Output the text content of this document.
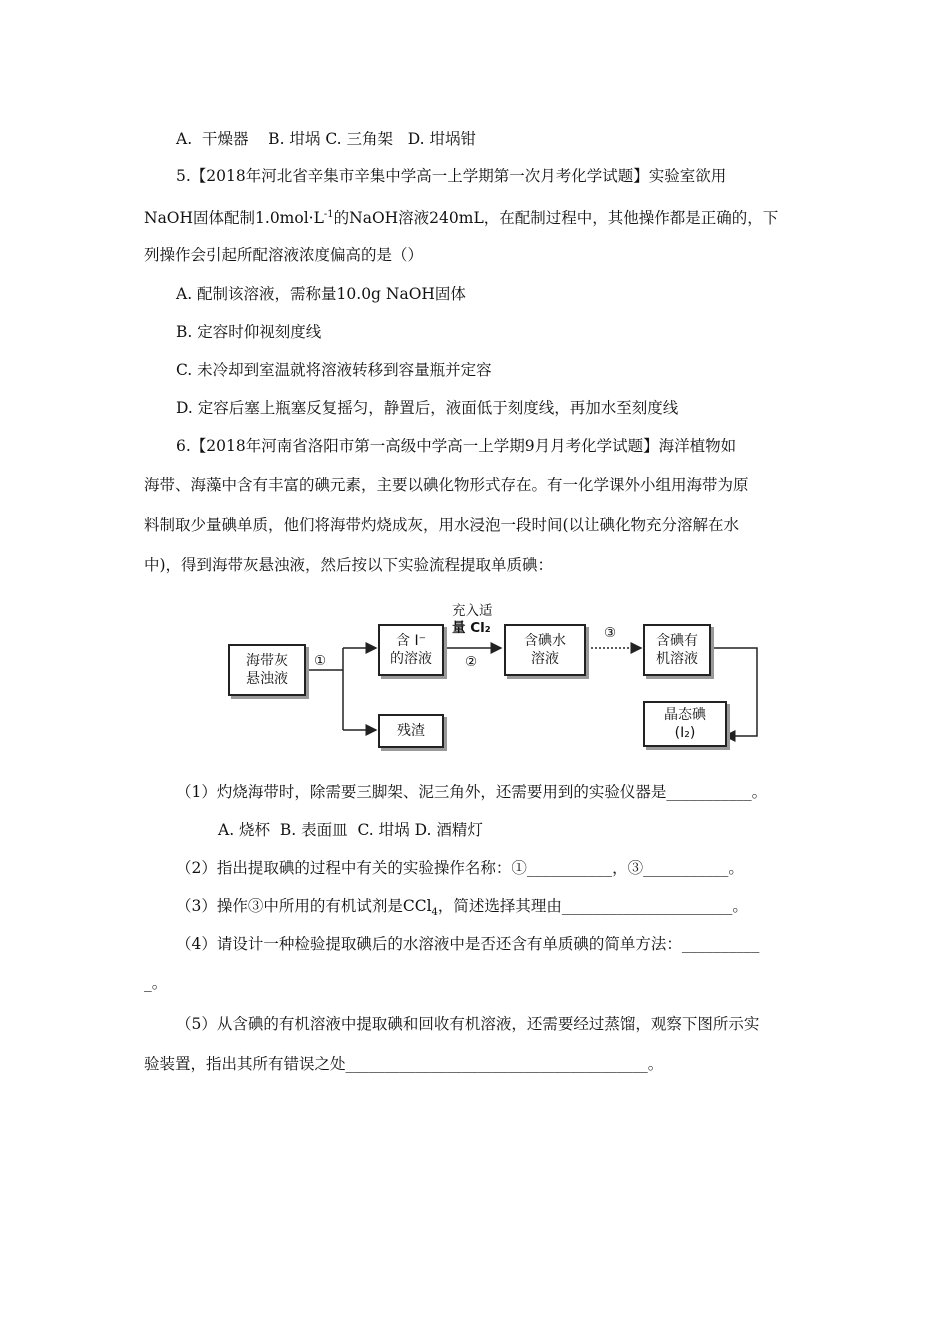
A.  干燥器    B. 坩埚 C. 三角架   D. 坩埚钳
5.【2018年河北省辛集市辛集中学高一上学期第一次月考化学试题】实验室欲用
NaOH固体配制$1.0mol\cdot L^{-1}$的NaOH溶液240mL，在配制过程中，其他操作都是正确的，下
列操作会引起所配溶液浓度偏高的是（）
A. 配制该溶液，需称量10.0g NaOH固体
B. 定容时仰视刻度线
C. 未冷却到室温就将溶液转移到容量瓶并定容
D. 定容后塞上瓶塞反复摇匀，静置后，液面低于刻度线，再加水至刻度线
6.【2018年河南省洛阳市第一高级中学高一上学期9月月考化学试题】海洋植物如
海带、海藻中含有丰富的碘元素，主要以碘化物形式存在。有一化学课外小组用海带为原
料制取少量碘单质，他们将海带灼烧成灰，用水浸泡一段时间(以让碘化物充分溶解在水
中)，得到海带灰悬浊液，然后按以下实验流程提取单质碘：
海带灰
悬浊液
含 I⁻
的溶液
残渣
含碘水
溶液
含碘有
机溶液
晶态碘
(I₂)
①	②
③
充入适
量 Cl₂
（1）灼烧海带时，除需要三脚架、泥三角外，还需要用到的实验仪器是___________。
A. 烧杯  B. 表面皿  C. 坩埚 D. 酒精灯
（2）指出提取碘的过程中有关的实验操作名称：①___________，③___________。
（3）操作③中所用的有机试剂是CCl$_4$，简述选择其理由______________________。
（4）请设计一种检验提取碘后的水溶液中是否还含有单质碘的简单方法：__________
_。
（5）从含碘的有机溶液中提取碘和回收有机溶液，还需要经过蒸馏，观察下图所示实
验装置，指出其所有错误之处_______________________________________。
